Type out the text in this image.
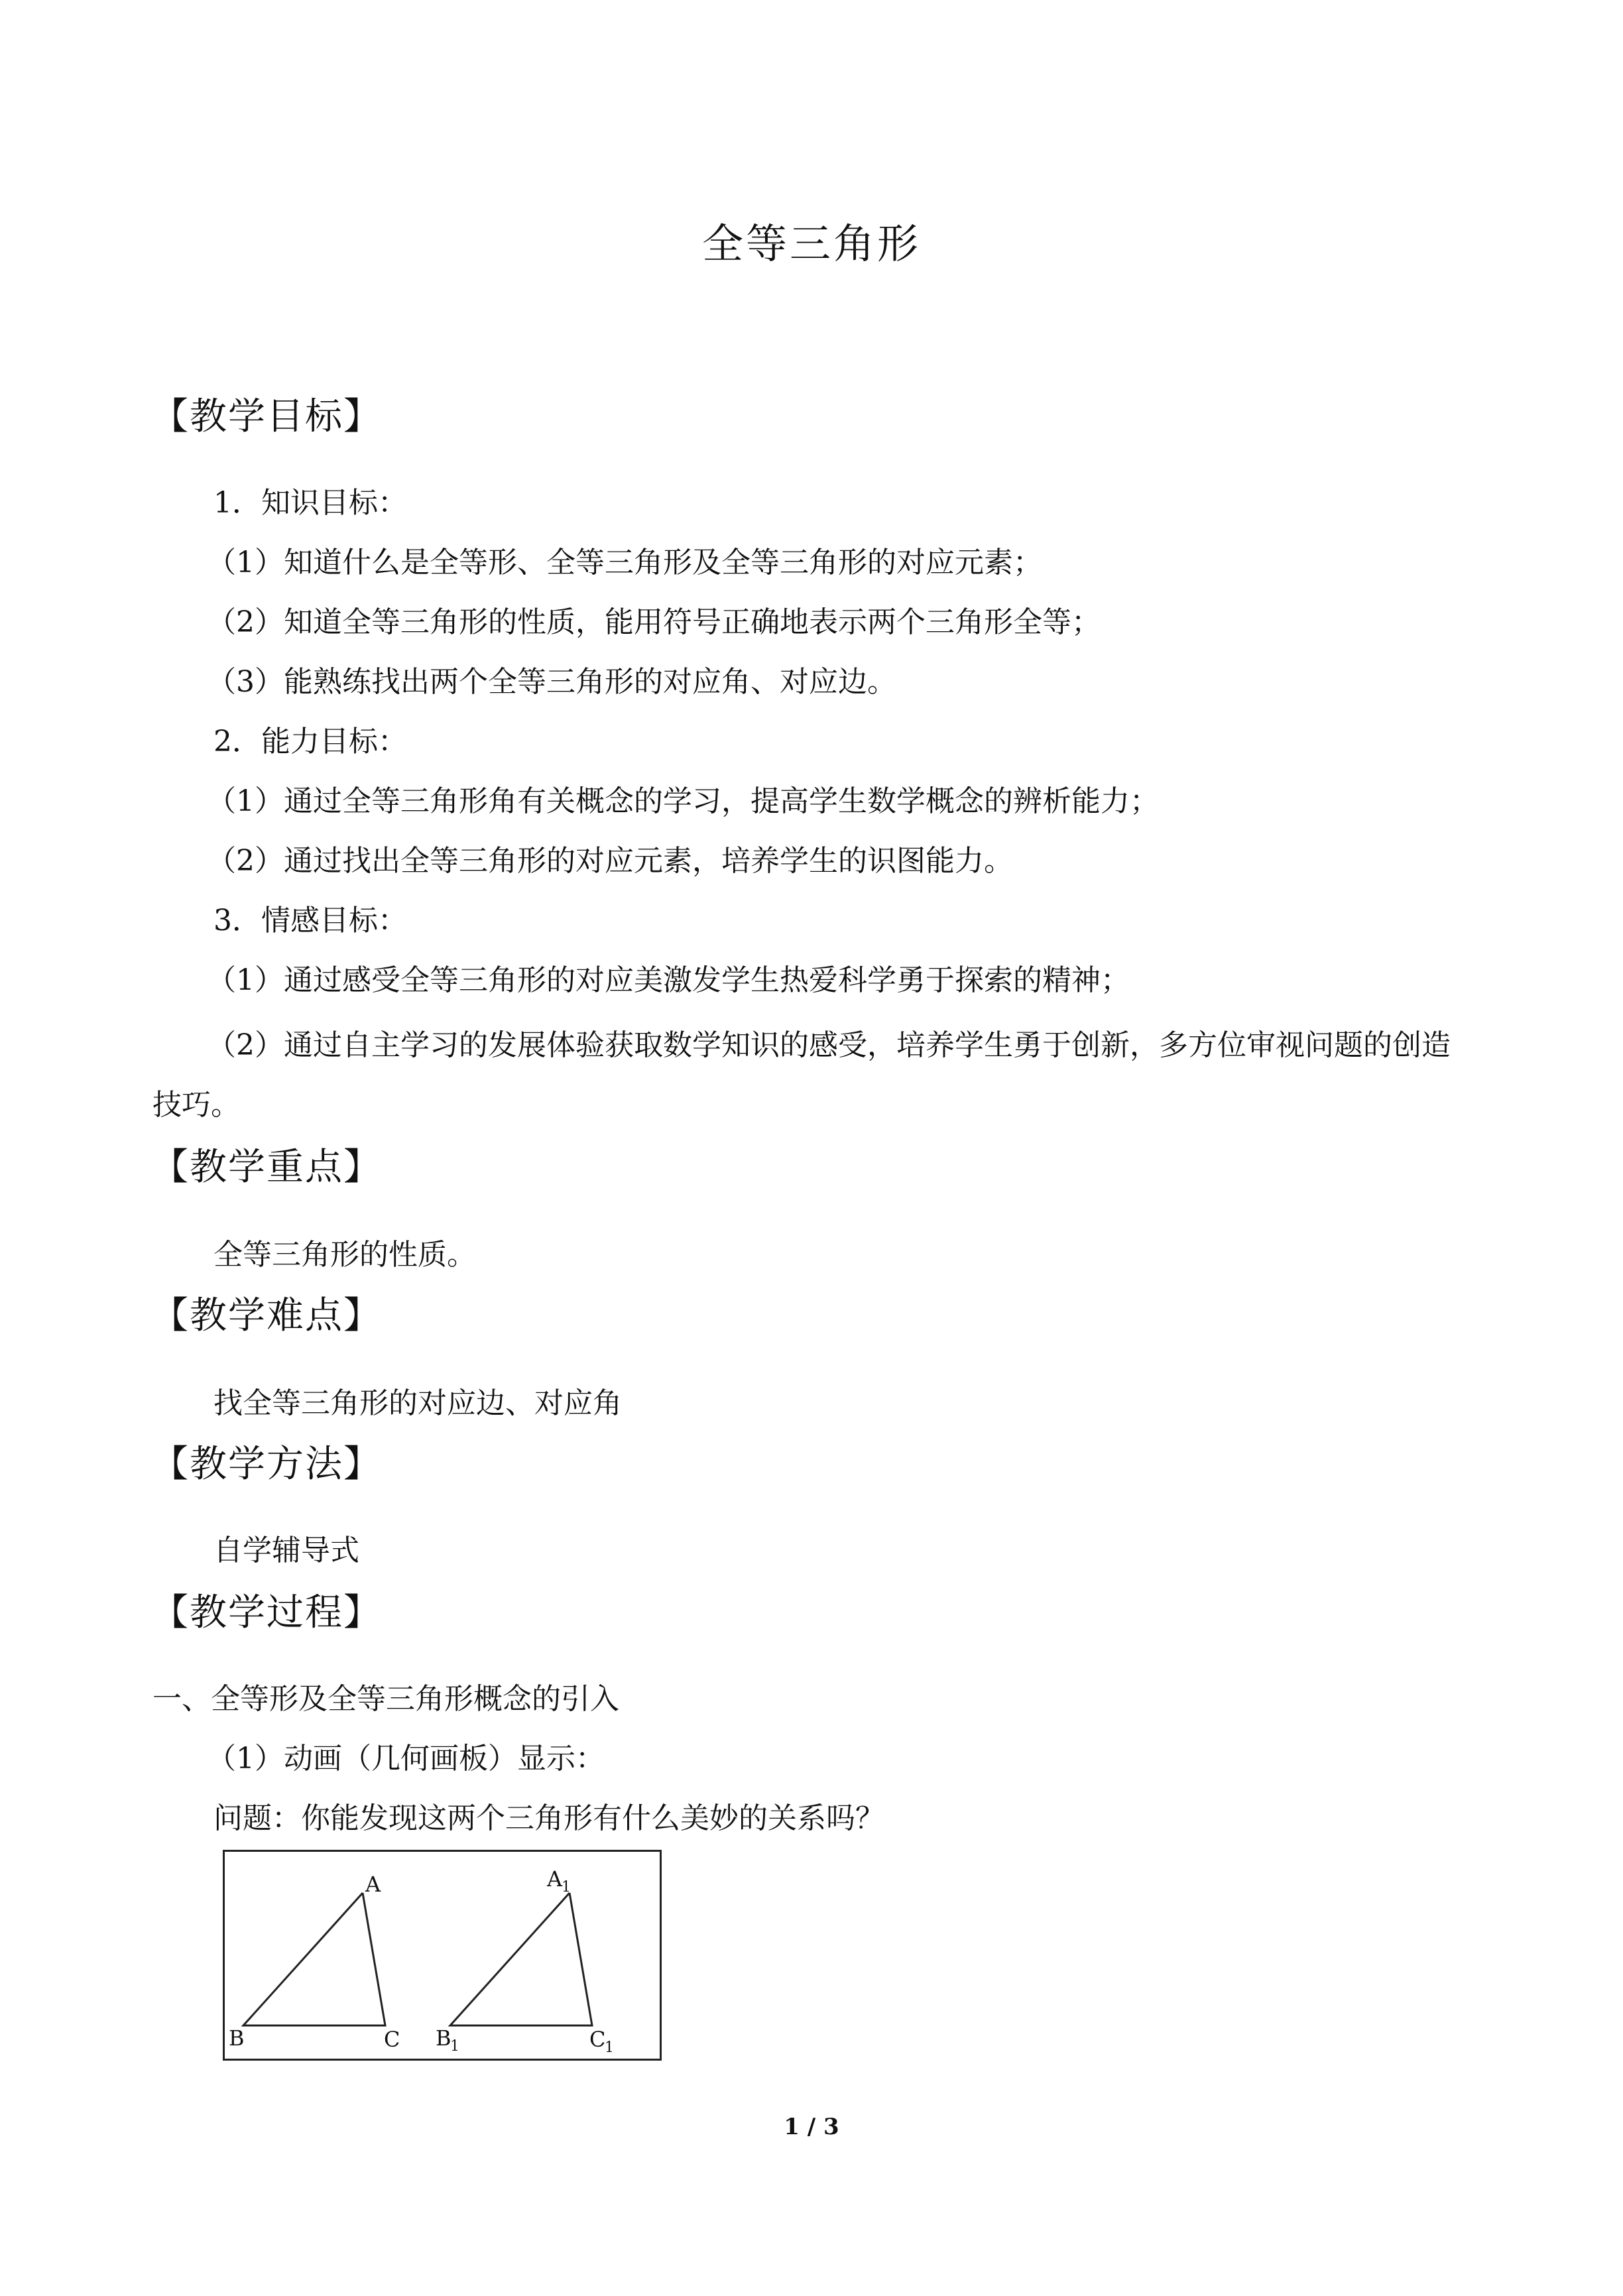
全等三角形
【教学目标】
1．知识目标：
（1）知道什么是全等形、全等三角形及全等三角形的对应元素；
（2）知道全等三角形的性质，能用符号正确地表示两个三角形全等；
（3）能熟练找出两个全等三角形的对应角、对应边。
2．能力目标：
（1）通过全等三角形角有关概念的学习，提高学生数学概念的辨析能力；
（2）通过找出全等三角形的对应元素，培养学生的识图能力。
3．情感目标：
（1）通过感受全等三角形的对应美激发学生热爱科学勇于探索的精神；
（2）通过自主学习的发展体验获取数学知识的感受，培养学生勇于创新，多方位审视问题的创造技巧。
【教学重点】
全等三角形的性质。
【教学难点】
找全等三角形的对应边、对应角
【教学方法】
自学辅导式
【教学过程】
一、全等形及全等三角形概念的引入
（1）动画（几何画板）显示：
问题：你能发现这两个三角形有什么美妙的关系吗？
A
B	C
A
1
B
1	C
1
1 / 3
